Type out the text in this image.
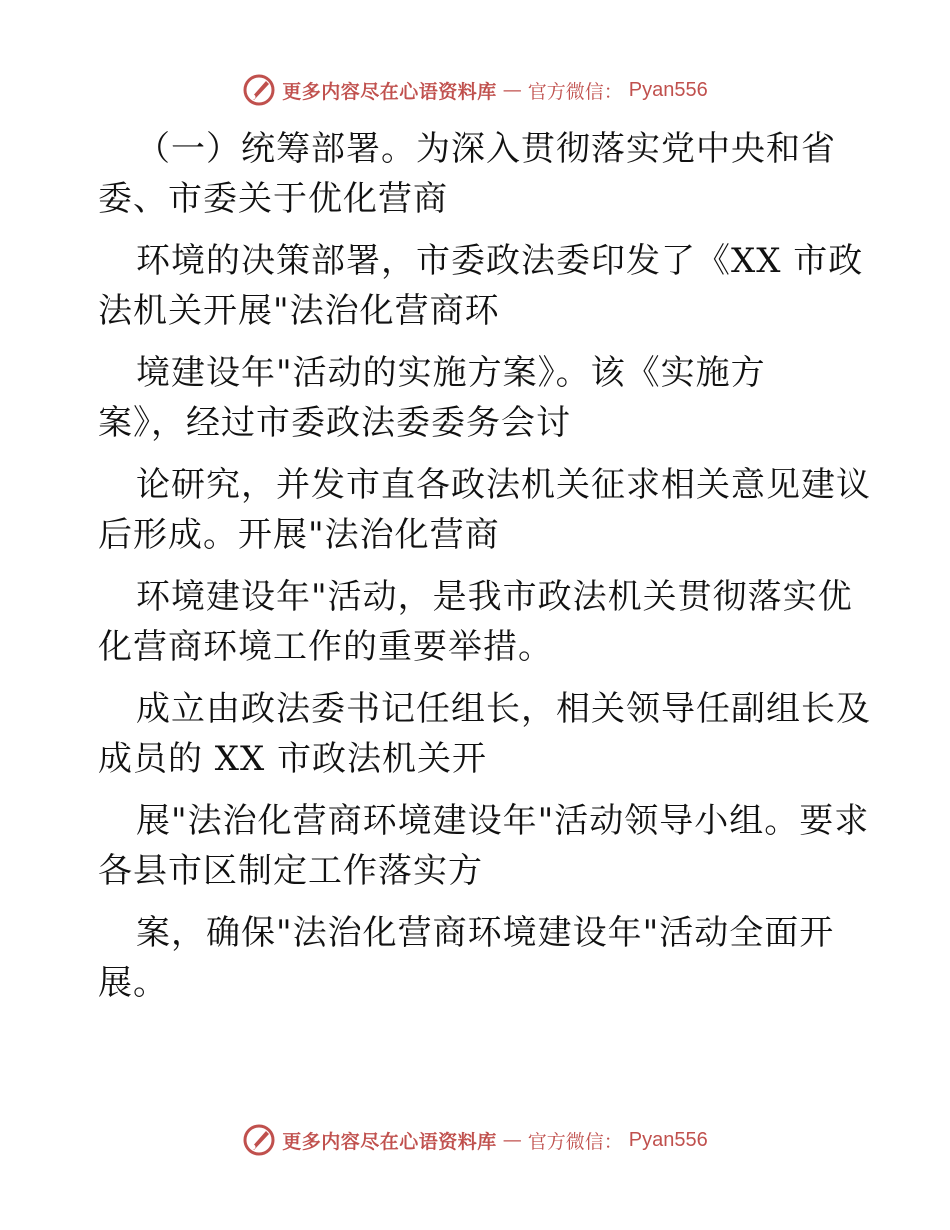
更多内容尽在心语资料库 — 官方微信： Pyan556
（一）统筹部署。为深入贯彻落实党中央和省
委、市委关于优化营商
环境的决策部署，市委政法委印发了《XX 市政
法机关开展"法治化营商环
境建设年"活动的实施方案》。该《实施方
案》，经过市委政法委委务会讨
论研究，并发市直各政法机关征求相关意见建议
后形成。开展"法治化营商
环境建设年"活动，是我市政法机关贯彻落实优
化营商环境工作的重要举措。
成立由政法委书记任组长，相关领导任副组长及
成员的 XX 市政法机关开
展"法治化营商环境建设年"活动领导小组。要求
各县市区制定工作落实方
案，确保"法治化营商环境建设年"活动全面开
展。
更多内容尽在心语资料库 — 官方微信： Pyan556
